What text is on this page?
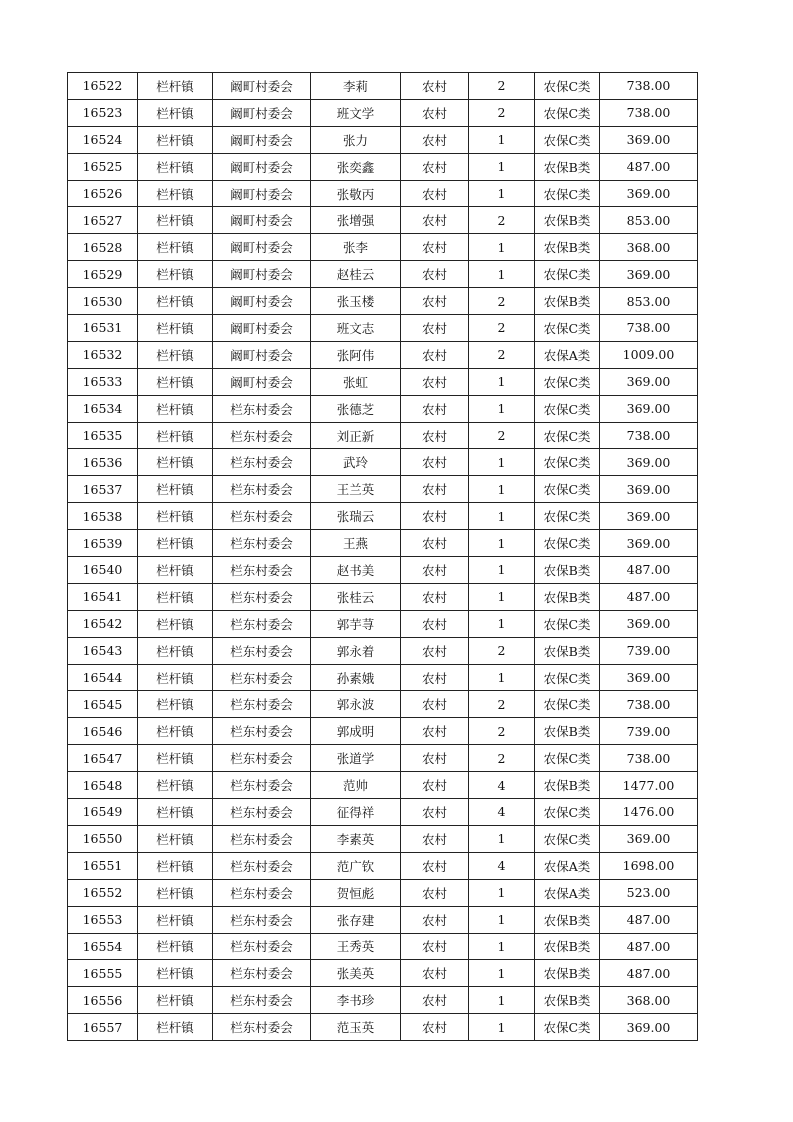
16522	栏杆镇	阚町村委会	李莉	农村	2	农保C类	738.00
16523	栏杆镇	阚町村委会	班文学	农村	2	农保C类	738.00
16524	栏杆镇	阚町村委会	张力	农村	1	农保C类	369.00
16525	栏杆镇	阚町村委会	张奕鑫	农村	1	农保B类	487.00
16526	栏杆镇	阚町村委会	张敬丙	农村	1	农保C类	369.00
16527	栏杆镇	阚町村委会	张增强	农村	2	农保B类	853.00
16528	栏杆镇	阚町村委会	张李	农村	1	农保B类	368.00
16529	栏杆镇	阚町村委会	赵桂云	农村	1	农保C类	369.00
16530	栏杆镇	阚町村委会	张玉楼	农村	2	农保B类	853.00
16531	栏杆镇	阚町村委会	班文志	农村	2	农保C类	738.00
16532	栏杆镇	阚町村委会	张阿伟	农村	2	农保A类	1009.00
16533	栏杆镇	阚町村委会	张虹	农村	1	农保C类	369.00
16534	栏杆镇	栏东村委会	张德芝	农村	1	农保C类	369.00
16535	栏杆镇	栏东村委会	刘正新	农村	2	农保C类	738.00
16536	栏杆镇	栏东村委会	武玲	农村	1	农保C类	369.00
16537	栏杆镇	栏东村委会	王兰英	农村	1	农保C类	369.00
16538	栏杆镇	栏东村委会	张瑞云	农村	1	农保C类	369.00
16539	栏杆镇	栏东村委会	王燕	农村	1	农保C类	369.00
16540	栏杆镇	栏东村委会	赵书美	农村	1	农保B类	487.00
16541	栏杆镇	栏东村委会	张桂云	农村	1	农保B类	487.00
16542	栏杆镇	栏东村委会	郭芋荨	农村	1	农保C类	369.00
16543	栏杆镇	栏东村委会	郭永着	农村	2	农保B类	739.00
16544	栏杆镇	栏东村委会	孙素娥	农村	1	农保C类	369.00
16545	栏杆镇	栏东村委会	郭永波	农村	2	农保C类	738.00
16546	栏杆镇	栏东村委会	郭成明	农村	2	农保B类	739.00
16547	栏杆镇	栏东村委会	张道学	农村	2	农保C类	738.00
16548	栏杆镇	栏东村委会	范帅	农村	4	农保B类	1477.00
16549	栏杆镇	栏东村委会	征得祥	农村	4	农保C类	1476.00
16550	栏杆镇	栏东村委会	李素英	农村	1	农保C类	369.00
16551	栏杆镇	栏东村委会	范广钦	农村	4	农保A类	1698.00
16552	栏杆镇	栏东村委会	贺恒彪	农村	1	农保A类	523.00
16553	栏杆镇	栏东村委会	张存建	农村	1	农保B类	487.00
16554	栏杆镇	栏东村委会	王秀英	农村	1	农保B类	487.00
16555	栏杆镇	栏东村委会	张美英	农村	1	农保B类	487.00
16556	栏杆镇	栏东村委会	李书珍	农村	1	农保B类	368.00
16557	栏杆镇	栏东村委会	范玉英	农村	1	农保C类	369.00
